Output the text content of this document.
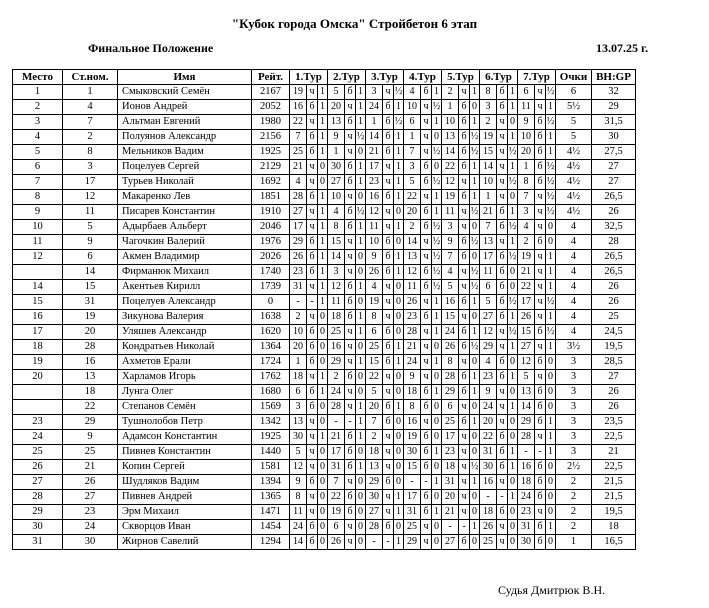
"Кубок города Омска" Стройбетон 6 этап
Финальное Положение	13.07.25 г.
Место	Ст.ном.	Имя	Рейт.	1.Тур			2.Тур			3.Тур			4.Тур			5.Тур			6.Тур			7.Тур			Очки	ВН:GP
1	1	Смыковский Семён	2167	19	ч	1	5	б	1	3	ч	½	4	б	1	2	ч	1	8	б	1	6	ч	½	6	32
2	4	Ионов Андрей	2052	16	б	1	20	ч	1	24	б	1	10	ч	½	1	б	0	3	б	1	11	ч	1	5½	29
3	7	Альтман Евгений	1980	22	ч	1	13	б	1	1	б	½	6	ч	1	10	б	1	2	ч	0	9	б	½	5	31,5
4	2	Полуянов Александр	2156	7	б	1	9	ч	½	14	б	1	1	ч	0	13	б	½	19	ч	1	10	б	1	5	30
5	8	Мельников Вадим	1925	25	б	1	1	ч	0	21	б	1	7	ч	½	14	б	½	15	ч	½	20	б	1	4½	27,5
6	3	Поцелуев Сергей	2129	21	ч	0	30	б	1	17	ч	1	3	б	0	22	б	1	14	ч	1	1	б	½	4½	27
7	17	Турьев Николай	1692	4	ч	0	27	б	1	23	ч	1	5	б	½	12	ч	1	10	ч	½	8	б	½	4½	27
8	12	Макаренко Лев	1851	28	б	1	10	ч	0	16	б	1	22	ч	1	19	б	1	1	ч	0	7	ч	½	4½	26,5
9	11	Писарев Константин	1910	27	ч	1	4	б	½	12	ч	0	20	б	1	11	ч	½	21	б	1	3	ч	½	4½	26
10	5	Адырбаев Альберт	2046	17	ч	1	8	б	1	11	ч	1	2	б	½	3	ч	0	7	б	½	4	ч	0	4	32,5
11	9	Чагочкин Валерий	1976	29	б	1	15	ч	1	10	б	0	14	ч	½	9	б	½	13	ч	1	2	б	0	4	28
12	6	Акмен Владимир	2026	26	б	1	14	ч	0	9	б	1	13	ч	½	7	б	0	17	б	½	19	ч	1	4	26,5
	14	Фирманюк Михаил	1740	23	б	1	3	ч	0	26	б	1	12	б	½	4	ч	½	11	б	0	21	ч	1	4	26,5
14	15	Акентьев Кирилл	1739	31	ч	1	12	б	1	4	ч	0	11	б	½	5	ч	½	6	б	0	22	ч	1	4	26
15	31	Поцелуев Александр	0	-	-	1	11	б	0	19	ч	0	26	ч	1	16	б	1	5	б	½	17	ч	½	4	26
16	19	Зикунова Валерия	1638	2	ч	0	18	б	1	8	ч	0	23	б	1	15	ч	0	27	б	1	26	ч	1	4	25
17	20	Уляшев Александр	1620	10	б	0	25	ч	1	6	б	0	28	ч	1	24	б	1	12	ч	½	15	б	½	4	24,5
18	28	Кондратьев Николай	1364	20	б	0	16	ч	0	25	б	1	21	ч	0	26	б	½	29	ч	1	27	ч	1	3½	19,5
19	16	Ахметов Ерали	1724	1	б	0	29	ч	1	15	б	1	24	ч	1	8	ч	0	4	б	0	12	б	0	3	28,5
20	13	Харламов Игорь	1762	18	ч	1	2	б	0	22	ч	0	9	ч	0	28	б	1	23	б	1	5	ч	0	3	27
	18	Лунга Олег	1680	6	б	1	24	ч	0	5	ч	0	18	б	1	29	б	1	9	ч	0	13	б	0	3	26
	22	Степанов Семён	1569	3	б	0	28	ч	1	20	б	1	8	б	0	6	ч	0	24	ч	1	14	б	0	3	26
23	29	Тушнолобов Петр	1342	13	ч	0	-	-	1	7	б	0	16	ч	0	25	б	1	20	ч	0	29	б	1	3	23,5
24	9	Адамсон Константин	1925	30	ч	1	21	б	1	2	ч	0	19	б	0	17	ч	0	22	б	0	28	ч	1	3	22,5
25	25	Пивнев Константин	1440	5	ч	0	17	б	0	18	ч	0	30	б	1	23	ч	0	31	б	1	-	-	1	3	21
26	21	Копин Сергей	1581	12	ч	0	31	б	1	13	ч	0	15	б	0	18	ч	½	30	б	1	16	б	0	2½	22,5
27	26	Шудляков Вадим	1394	9	б	0	7	ч	0	29	б	0	-	-	1	31	ч	1	16	ч	0	18	б	0	2	21,5
28	27	Пивнев Андрей	1365	8	ч	0	22	б	0	30	ч	1	17	б	0	20	ч	0	-	-	1	24	б	0	2	21,5
29	23	Эрм Михаил	1471	11	ч	0	19	б	0	27	ч	1	31	б	1	21	ч	0	18	б	0	23	ч	0	2	19,5
30	24	Скворцов Иван	1454	24	б	0	6	ч	0	28	б	0	25	ч	0	-	-	1	26	ч	0	31	б	1	2	18
31	30	Жирнов Савелий	1294	14	б	0	26	ч	0	-	-	1	29	ч	0	27	б	0	25	ч	0	30	б	0	1	16,5
Судья Дмитрюк В.Н.
